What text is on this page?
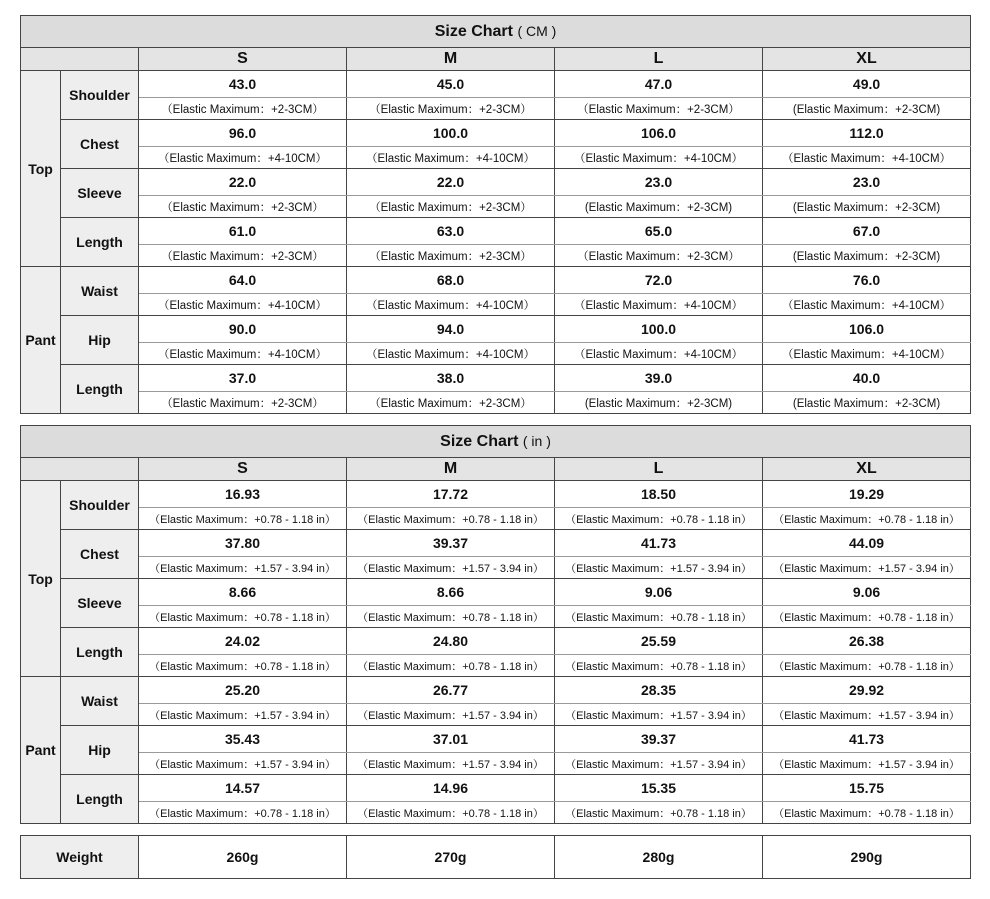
Size Chart ( CM )					
		S	M	L	XL
Top	Shoulder	43.0	45.0	47.0	49.0
		（Elastic Maximum：+2-3CM）	（Elastic Maximum：+2-3CM）	（Elastic Maximum：+2-3CM）	(Elastic Maximum：+2-3CM)
	Chest	96.0	100.0	106.0	112.0
		（Elastic Maximum：+4-10CM）	（Elastic Maximum：+4-10CM）	（Elastic Maximum：+4-10CM）	（Elastic Maximum：+4-10CM）
	Sleeve	22.0	22.0	23.0	23.0
		（Elastic Maximum：+2-3CM）	（Elastic Maximum：+2-3CM）	(Elastic Maximum：+2-3CM)	(Elastic Maximum：+2-3CM)
	Length	61.0	63.0	65.0	67.0
		（Elastic Maximum：+2-3CM）	（Elastic Maximum：+2-3CM）	（Elastic Maximum：+2-3CM）	(Elastic Maximum：+2-3CM)
Pant	Waist	64.0	68.0	72.0	76.0
		（Elastic Maximum：+4-10CM）	（Elastic Maximum：+4-10CM）	（Elastic Maximum：+4-10CM）	（Elastic Maximum：+4-10CM）
	Hip	90.0	94.0	100.0	106.0
		（Elastic Maximum：+4-10CM）	（Elastic Maximum：+4-10CM）	（Elastic Maximum：+4-10CM）	（Elastic Maximum：+4-10CM）
	Length	37.0	38.0	39.0	40.0
		（Elastic Maximum：+2-3CM）	（Elastic Maximum：+2-3CM）	(Elastic Maximum：+2-3CM)	(Elastic Maximum：+2-3CM)
Size Chart ( in )					
		S	M	L	XL
Top	Shoulder	16.93	17.72	18.50	19.29
		（Elastic Maximum：+0.78 - 1.18 in）	（Elastic Maximum：+0.78 - 1.18 in）	（Elastic Maximum：+0.78 - 1.18 in）	（Elastic Maximum：+0.78 - 1.18 in）
	Chest	37.80	39.37	41.73	44.09
		（Elastic Maximum：+1.57 - 3.94 in）	（Elastic Maximum：+1.57 - 3.94 in）	（Elastic Maximum：+1.57 - 3.94 in）	（Elastic Maximum：+1.57 - 3.94 in）
	Sleeve	8.66	8.66	9.06	9.06
		（Elastic Maximum：+0.78 - 1.18 in）	（Elastic Maximum：+0.78 - 1.18 in）	（Elastic Maximum：+0.78 - 1.18 in）	（Elastic Maximum：+0.78 - 1.18 in）
	Length	24.02	24.80	25.59	26.38
		（Elastic Maximum：+0.78 - 1.18 in）	（Elastic Maximum：+0.78 - 1.18 in）	（Elastic Maximum：+0.78 - 1.18 in）	（Elastic Maximum：+0.78 - 1.18 in）
Pant	Waist	25.20	26.77	28.35	29.92
		（Elastic Maximum：+1.57 - 3.94 in）	（Elastic Maximum：+1.57 - 3.94 in）	（Elastic Maximum：+1.57 - 3.94 in）	（Elastic Maximum：+1.57 - 3.94 in）
	Hip	35.43	37.01	39.37	41.73
		（Elastic Maximum：+1.57 - 3.94 in）	（Elastic Maximum：+1.57 - 3.94 in）	（Elastic Maximum：+1.57 - 3.94 in）	（Elastic Maximum：+1.57 - 3.94 in）
	Length	14.57	14.96	15.35	15.75
		（Elastic Maximum：+0.78 - 1.18 in）	（Elastic Maximum：+0.78 - 1.18 in）	（Elastic Maximum：+0.78 - 1.18 in）	（Elastic Maximum：+0.78 - 1.18 in）
Weight	260g	270g	280g	290g
